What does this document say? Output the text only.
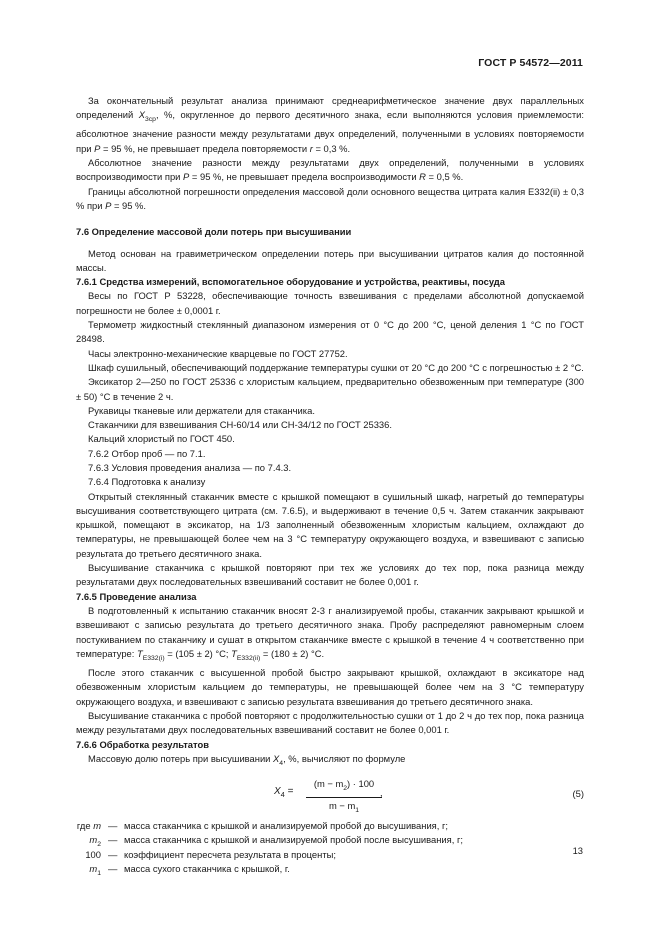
ГОСТ Р 54572—2011

За окончательный результат анализа принимают среднеарифметическое значение двух параллельных определений $X_{3ср}$, %, округленное до первого десятичного знака, если выполняются условия приемлемости: абсолютное значение разности между результатами двух определений, полученными в условиях повторяемости при P = 95 %, не превышает предела повторяемости r = 0,3 %.

Абсолютное значение разности между результатами двух определений, полученными в условиях воспроизводимости при P = 95 %, не превышает предела воспроизводимости R = 0,5 %.

Границы абсолютной погрешности определения массовой доли основного вещества цитрата калия E332(ii) ± 0,3 % при P = 95 %.

7.6 Определение массовой доли потерь при высушивании

Метод основан на гравиметрическом определении потерь при высушивании цитратов калия до постоянной массы.

7.6.1 Средства измерений, вспомогательное оборудование и устройства, реактивы, посуда

Весы по ГОСТ Р 53228, обеспечивающие точность взвешивания с пределами абсолютной допускаемой погрешности не более ± 0,0001 г.

Термометр жидкостный стеклянный диапазоном измерения от 0 °С до 200 °С, ценой деления 1 °С по ГОСТ 28498.

Часы электронно-механические кварцевые по ГОСТ 27752.

Шкаф сушильный, обеспечивающий поддержание температуры сушки от 20 °С до 200 °С с погрешностью ± 2 °С.

Эксикатор 2—250 по ГОСТ 25336 с хлористым кальцием, предварительно обезвоженным при температуре (300 ± 50) °С в течение 2 ч.

Рукавицы тканевые или держатели для стаканчика.

Стаканчики для взвешивания СН-60/14 или СН-34/12 по ГОСТ 25336.

Кальций хлористый по ГОСТ 450.

7.6.2 Отбор проб — по 7.1.

7.6.3 Условия проведения анализа — по 7.4.3.

7.6.4 Подготовка к анализу

Открытый стеклянный стаканчик вместе с крышкой помещают в сушильный шкаф, нагретый до температуры высушивания соответствующего цитрата (см. 7.6.5), и выдерживают в течение 0,5 ч. Затем стаканчик закрывают крышкой, помещают в эксикатор, на 1/3 заполненный обезвоженным хлористым кальцием, охлаждают до температуры, не превышающей более чем на 3 °С температуру окружающего воздуха, и взвешивают с записью результата до третьего десятичного знака.

Высушивание стаканчика с крышкой повторяют при тех же условиях до тех пор, пока разница между результатами двух последовательных взвешиваний составит не более 0,001 г.

7.6.5 Проведение анализа

В подготовленный к испытанию стаканчик вносят 2-3 г анализируемой пробы, стаканчик закрывают крышкой и взвешивают с записью результата до третьего десятичного знака. Пробу распределяют равномерным слоем постукиванием по стаканчику и сушат в открытом стаканчике вместе с крышкой в течение 4 ч соответственно при температуре: $T_{E332(i)} = (105 \pm 2)$ °С; $T_{E332(ii)} = (180 \pm 2)$ °С.

После этого стаканчик с высушенной пробой быстро закрывают крышкой, охлаждают в эксикаторе над обезвоженным хлористым кальцием до температуры, не превышающей более чем на 3 °С температуру окружающего воздуха, и взвешивают с записью результата взвешивания до третьего десятичного знака.

Высушивание стаканчика с пробой повторяют с продолжительностью сушки от 1 до 2 ч до тех пор, пока разница между результатами двух последовательных взвешиваний составит не более 0,001 г.

7.6.6 Обработка результатов

Массовую долю потерь при высушивании $X_4$, %, вычисляют по формуле

$X_4$ =
$(m - m_2) \cdot 100$
$m - m_1$
,	(5)
где m — масса стаканчика с крышкой и анализируемой пробой до высушивания, г;
$m_2$ — масса стаканчика с крышкой и анализируемой пробой после высушивания, г;
100 — коэффициент пересчета результата в проценты;
$m_1$ — масса сухого стаканчика с крышкой, г.
13
